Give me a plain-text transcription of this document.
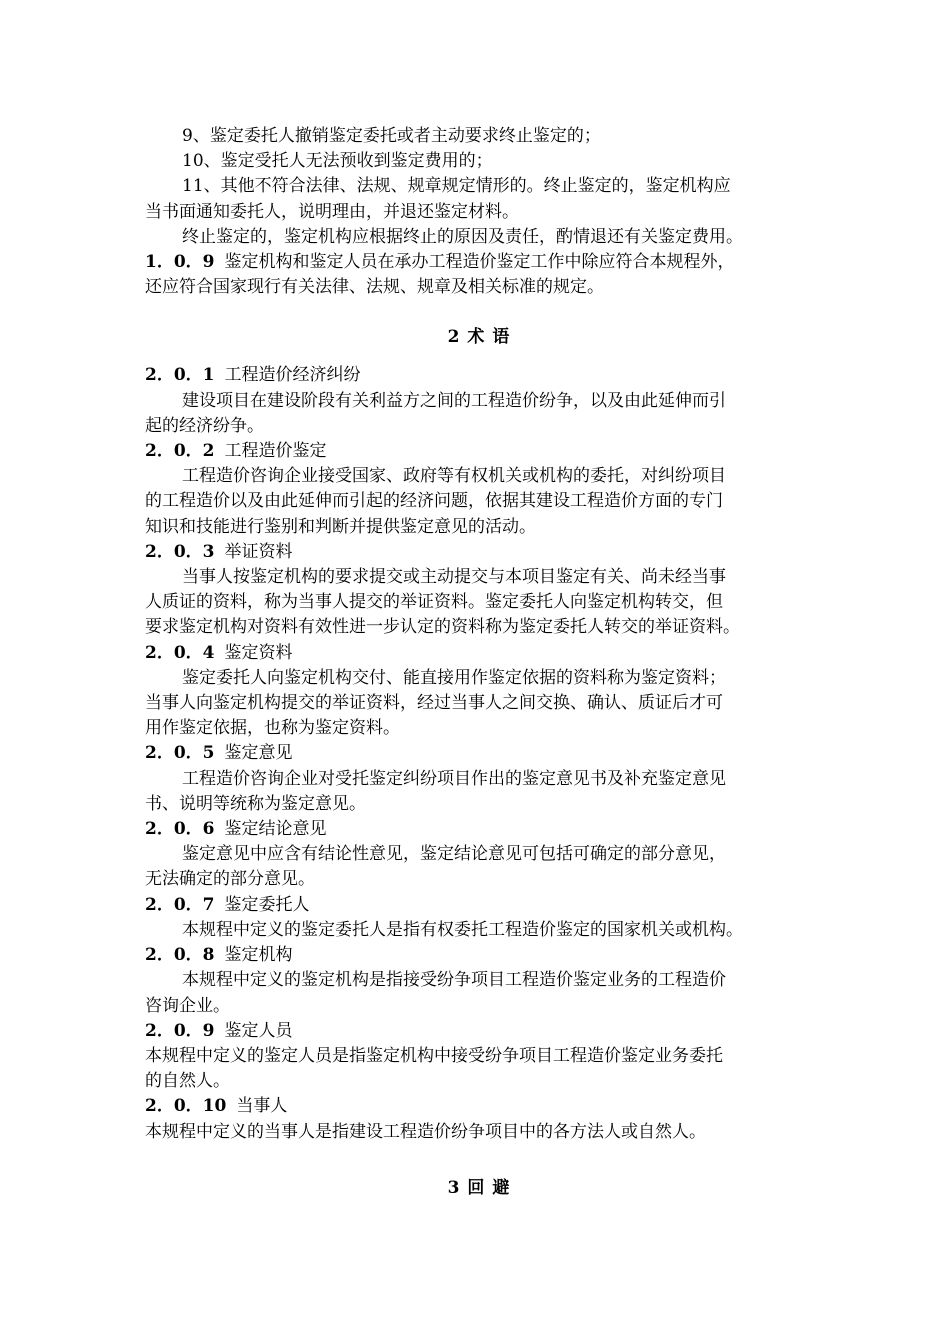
9、鉴定委托人撤销鉴定委托或者主动要求终止鉴定的；
10、鉴定受托人无法预收到鉴定费用的；
11、其他不符合法律、法规、规章规定情形的。终止鉴定的，鉴定机构应
当书面通知委托人，说明理由，并退还鉴定材料。
终止鉴定的，鉴定机构应根据终止的原因及责任，酌情退还有关鉴定费用。
1．0．9 鉴定机构和鉴定人员在承办工程造价鉴定工作中除应符合本规程外，
还应符合国家现行有关法律、法规、规章及相关标准的规定。
2 术 语
2．0．1 工程造价经济纠纷
建设项目在建设阶段有关利益方之间的工程造价纷争，以及由此延伸而引
起的经济纷争。
2．0．2 工程造价鉴定
工程造价咨询企业接受国家、政府等有权机关或机构的委托，对纠纷项目
的工程造价以及由此延伸而引起的经济问题，依据其建设工程造价方面的专门
知识和技能进行鉴别和判断并提供鉴定意见的活动。
2．0．3 举证资料
当事人按鉴定机构的要求提交或主动提交与本项目鉴定有关、尚未经当事
人质证的资料，称为当事人提交的举证资料。鉴定委托人向鉴定机构转交，但
要求鉴定机构对资料有效性进一步认定的资料称为鉴定委托人转交的举证资料。
2．0．4 鉴定资料
鉴定委托人向鉴定机构交付、能直接用作鉴定依据的资料称为鉴定资料；
当事人向鉴定机构提交的举证资料，经过当事人之间交换、确认、质证后才可
用作鉴定依据，也称为鉴定资料。
2．0．5 鉴定意见
工程造价咨询企业对受托鉴定纠纷项目作出的鉴定意见书及补充鉴定意见
书、说明等统称为鉴定意见。
2．0．6 鉴定结论意见
鉴定意见中应含有结论性意见，鉴定结论意见可包括可确定的部分意见，
无法确定的部分意见。
2．0．7 鉴定委托人
本规程中定义的鉴定委托人是指有权委托工程造价鉴定的国家机关或机构。
2．0．8 鉴定机构
本规程中定义的鉴定机构是指接受纷争项目工程造价鉴定业务的工程造价
咨询企业。
2．0．9 鉴定人员
本规程中定义的鉴定人员是指鉴定机构中接受纷争项目工程造价鉴定业务委托
的自然人。
2．0．10 当事人
本规程中定义的当事人是指建设工程造价纷争项目中的各方法人或自然人。
3 回 避
